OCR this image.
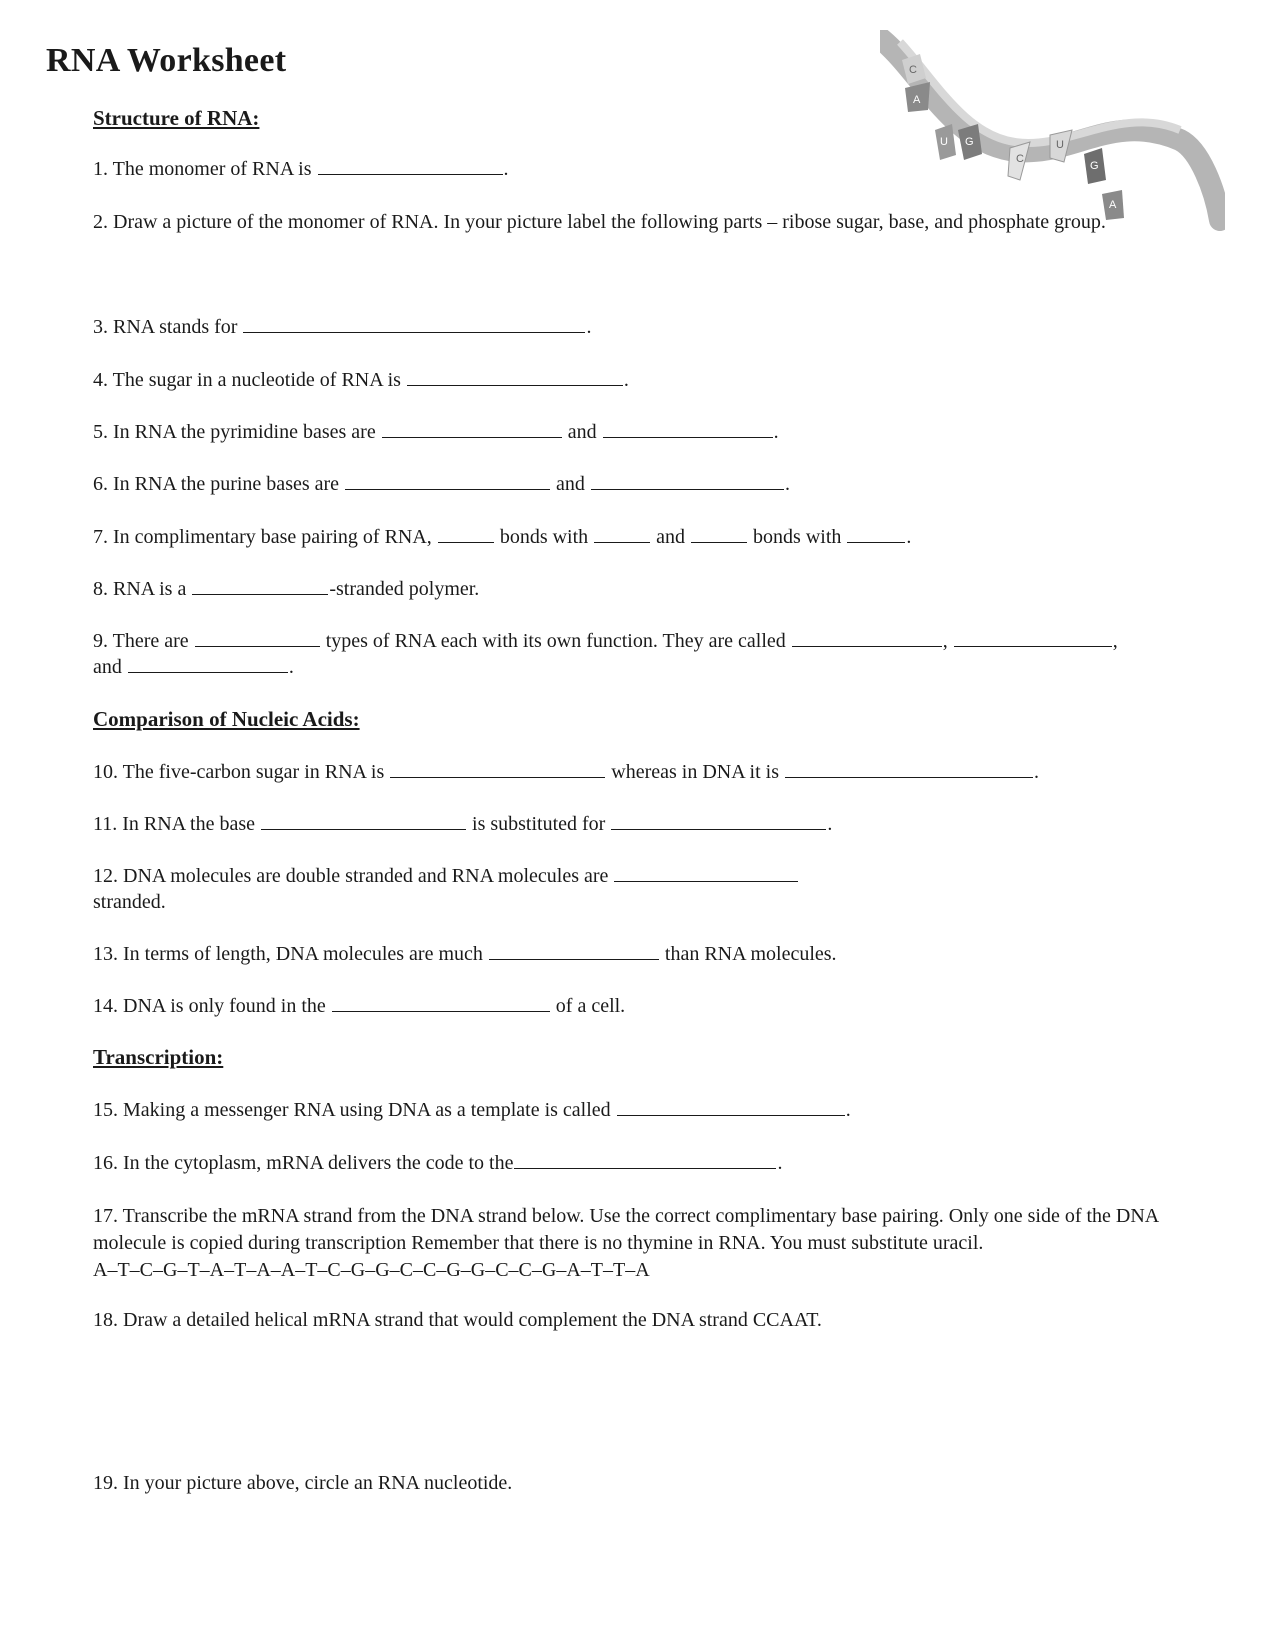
RNA Worksheet	C
A
U G
C
U
G
A
Structure of RNA:
1. The monomer of RNA is	.
2. Draw a picture of the monomer of RNA. In your picture label the following parts – ribose sugar, base, and phosphate group.
3. RNA stands for	.
4. The sugar in a nucleotide of RNA is	.
5. In RNA the pyrimidine bases are	and	.
6. In RNA the purine bases are	and	.
7. In complimentary base pairing of RNA,	bonds with	and	bonds with	.
8. RNA is a	-stranded polymer.
9. There are	types of RNA each with its own function. They are called	,	,
and	.
Comparison of Nucleic Acids:
10. The five-carbon sugar in RNA is	whereas in DNA it is	.
11. In RNA the base	is substituted for	.
12. DNA molecules are double stranded and RNA molecules are
stranded.
13. In terms of length, DNA molecules are much	than RNA molecules.
14. DNA is only found in the	of a cell.
Transcription:
15. Making a messenger RNA using DNA as a template is called	.
16. In the cytoplasm, mRNA delivers the code to the	.
17. Transcribe the mRNA strand from the DNA strand below. Use the correct complimentary base pairing. Only one side of the DNA molecule is copied during transcription Remember that there is no thymine in RNA. You must substitute uracil.
A–T–C–G–T–A–T–A–A–T–C–G–G–C–C–G–G–C–C–G–A–T–T–A
18. Draw a detailed helical mRNA strand that would complement the DNA strand CCAAT.
19. In your picture above, circle an RNA nucleotide.
